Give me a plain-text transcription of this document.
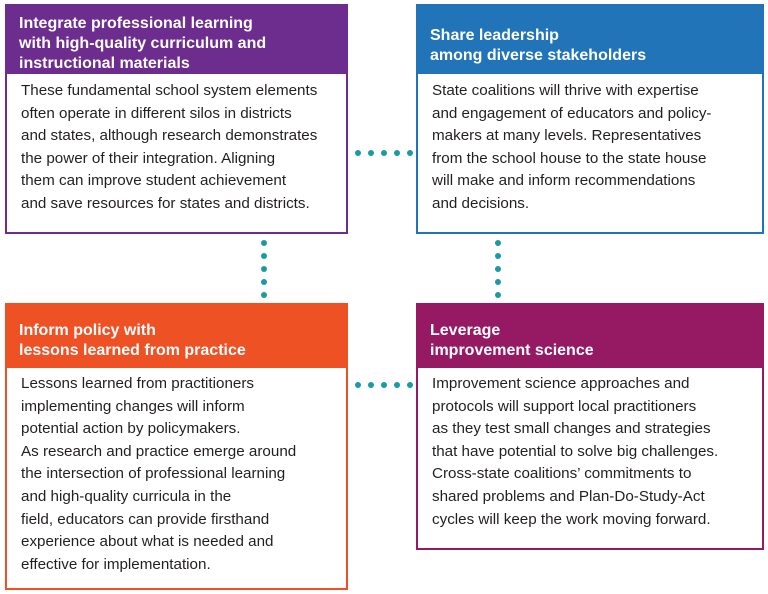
Integrate professional learning
with high-quality curriculum and
instructional materials
These fundamental school system elements
often operate in different silos in districts
and states, although research demonstrates
the power of their integration. Aligning
them can improve student achievement
and save resources for states and districts.
Share leadership
among diverse stakeholders
State coalitions will thrive with expertise
and engagement of educators and policy-
makers at many levels. Representatives
from the school house to the state house
will make and inform recommendations
and decisions.
Inform policy with
lessons learned from practice
Lessons learned from practitioners
implementing changes will inform
potential action by policymakers.
As research and practice emerge around
the intersection of professional learning
and high-quality curricula in the
field, educators can provide firsthand
experience about what is needed and
effective for implementation.
Leverage
improvement science
Improvement science approaches and
protocols will support local practitioners
as they test small changes and strategies
that have potential to solve big challenges.
Cross-state coalitions’ commitments to
shared problems and Plan-Do-Study-Act
cycles will keep the work moving forward.
